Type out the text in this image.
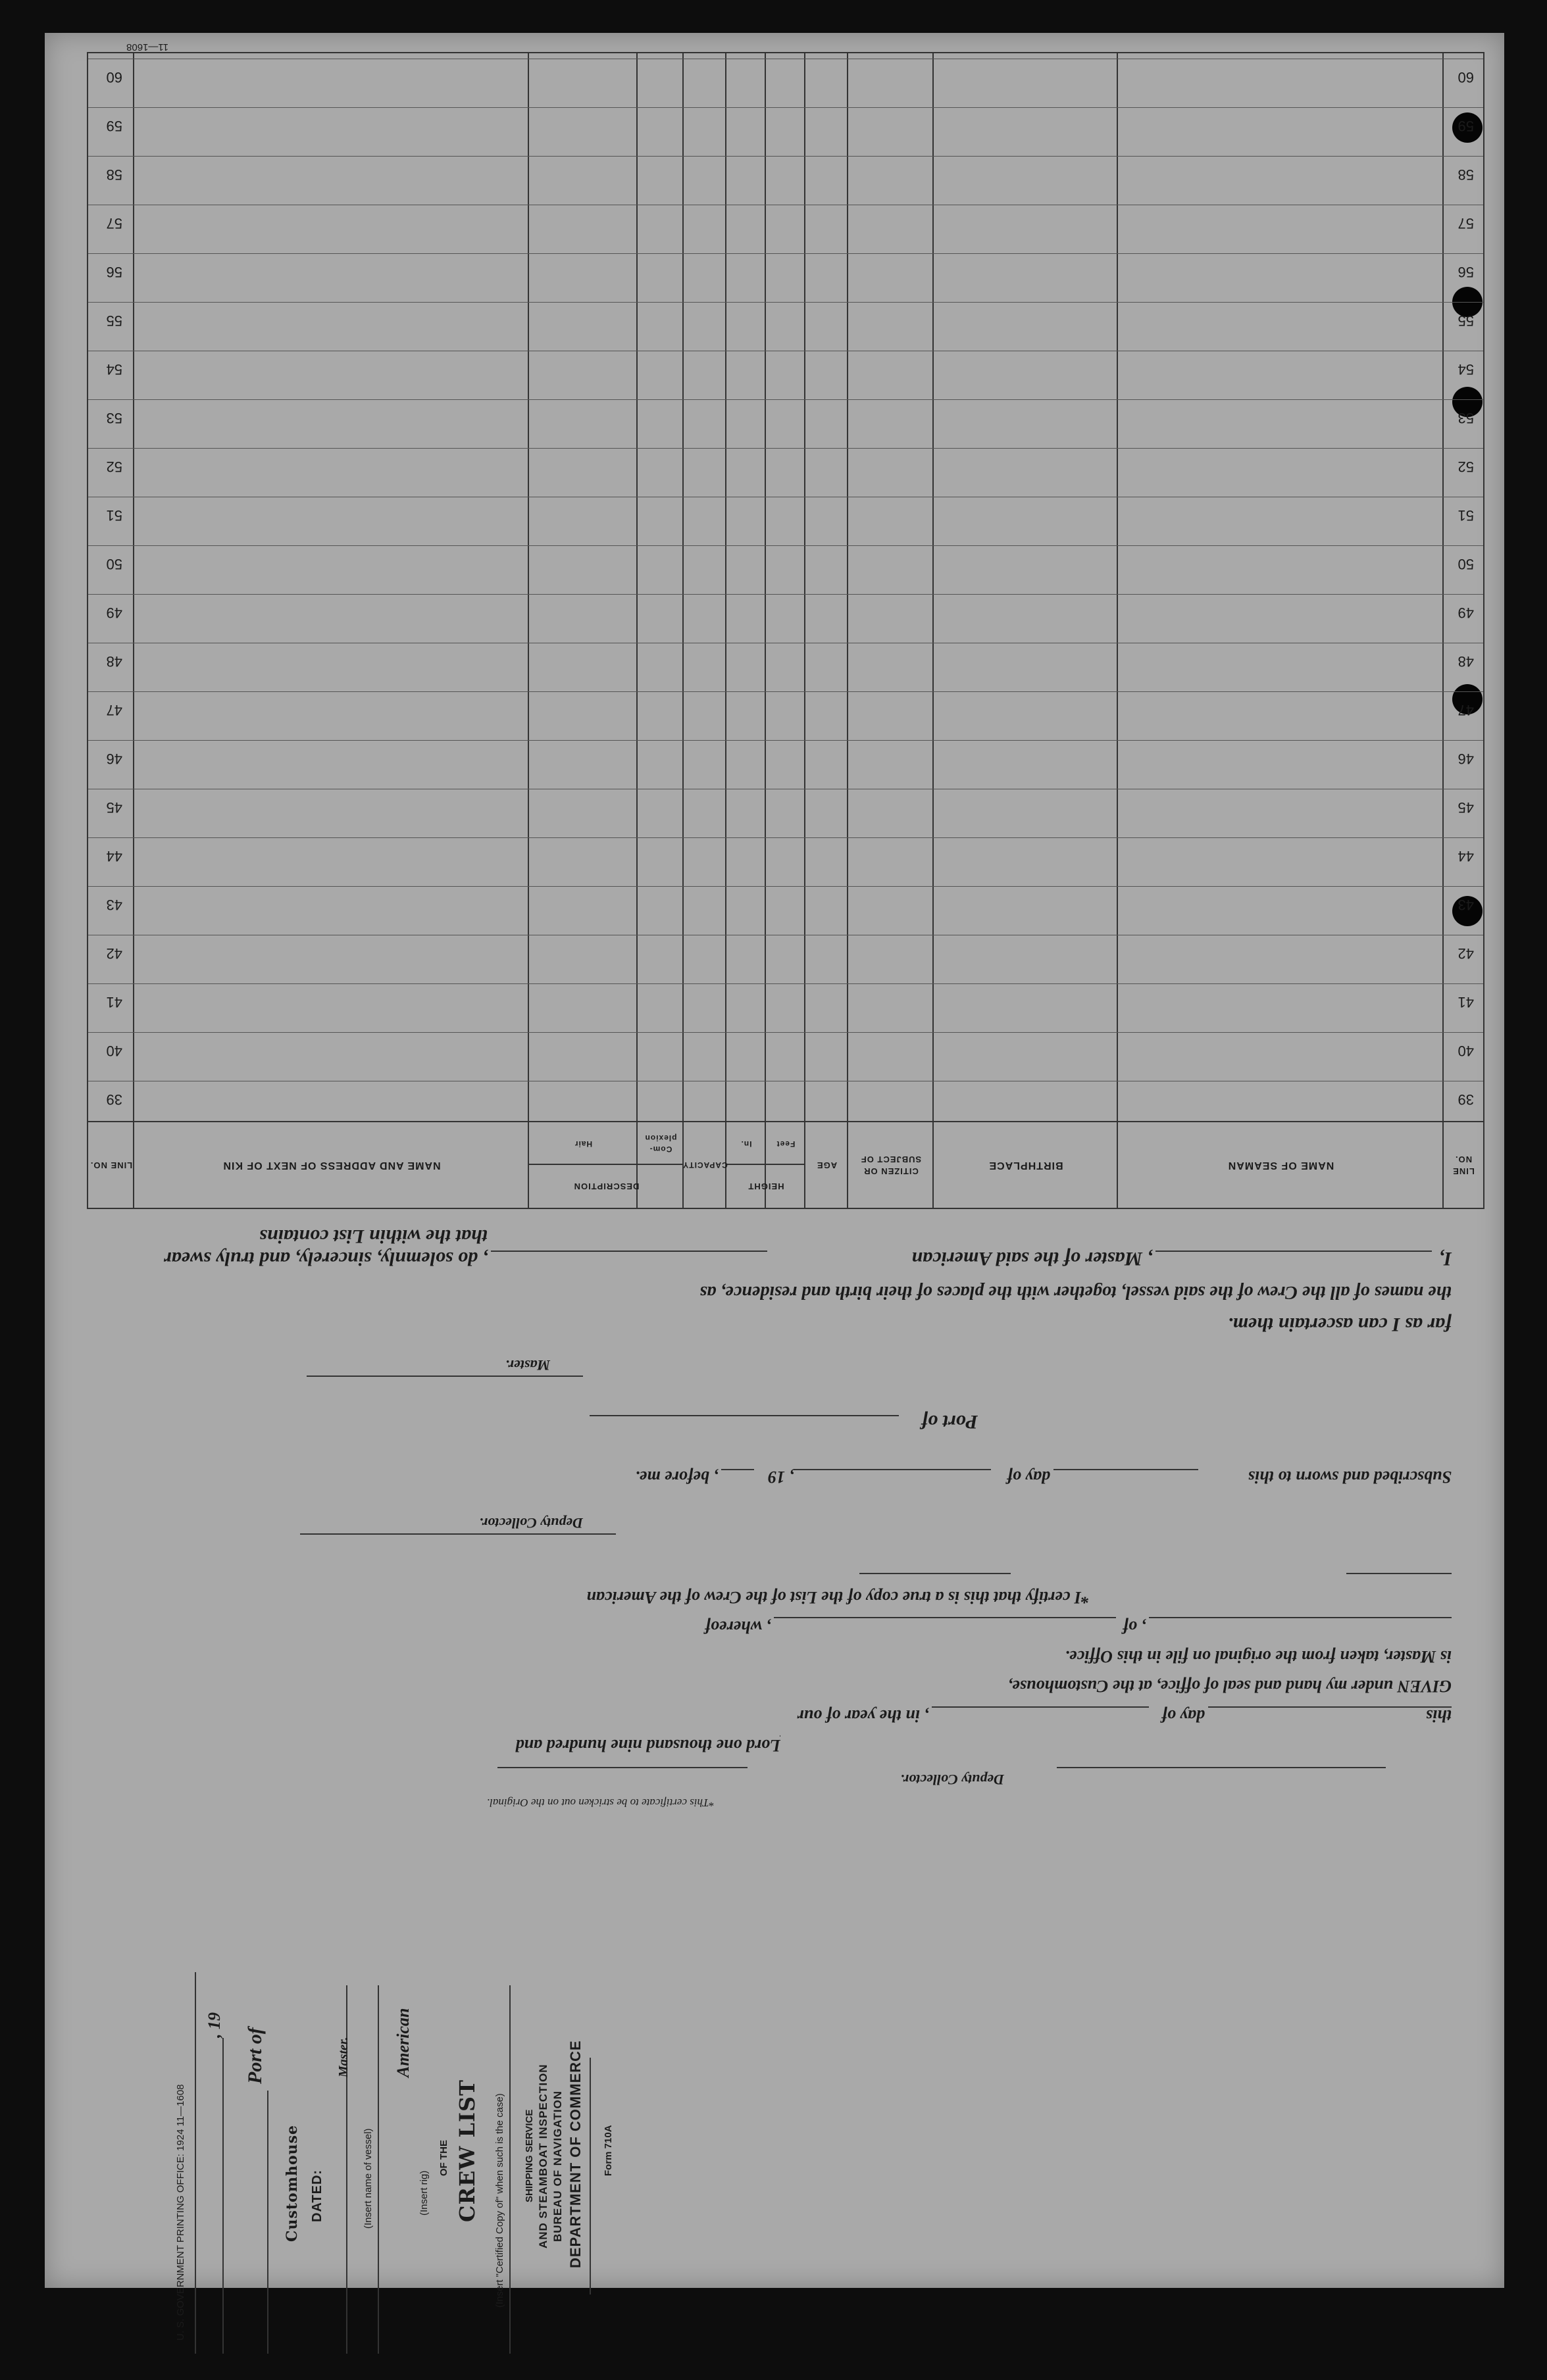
LINE NO.
NAME OF SEAMAN
BIRTHPLACE
CITIZEN OR SUBJECT OF
AGE
HEIGHT
Feet
In.
DESCRIPTION
Com-plexion
Hair
CAPACITY
NAME AND ADDRESS OF NEXT OF KIN
LINE NO.
39
39
40
40
41
41
42
42
43
43
44
44
45
45
46
46
47
47
48
48
49
49
50
50
51
51
52
52
53
53
54
54
55
55
56
56
57
57
58
58
59
59
60
60
11—1608
I,
, Master of the said American
, do solemnly, sincerely, and truly swear that the within List contains
the names of all the Crew of the said vessel, together with the places of their birth and residence, as
far as I can ascertain them.
Master.
Port of
Subscribed and sworn to this
day of
, 19
, before me.
Deputy Collector.
*I certify that this is a true copy of the List of the Crew of the American
, of
, whereof
is Master, taken from the original on file in this Office.
GIVEN under my hand and seal of office, at the Customhouse,
this
day of
, in the year of our
Lord one thousand nine hundred and
Deputy Collector.
*This certificate to be stricken out on the Original.
U. S. GOVERNMENT PRINTING OFFICE: 1924 11—1608
, 19
Port of
Customhouse DATED:
Master.
(Insert name of vessel)
American
(Insert rig)
OF THE CREW LIST (Insert "Certified Copy of" when such is the case) SHIPPING SERVICE AND STEAMBOAT INSPECTION BUREAU OF NAVIGATION DEPARTMENT OF COMMERCE Form 710A
